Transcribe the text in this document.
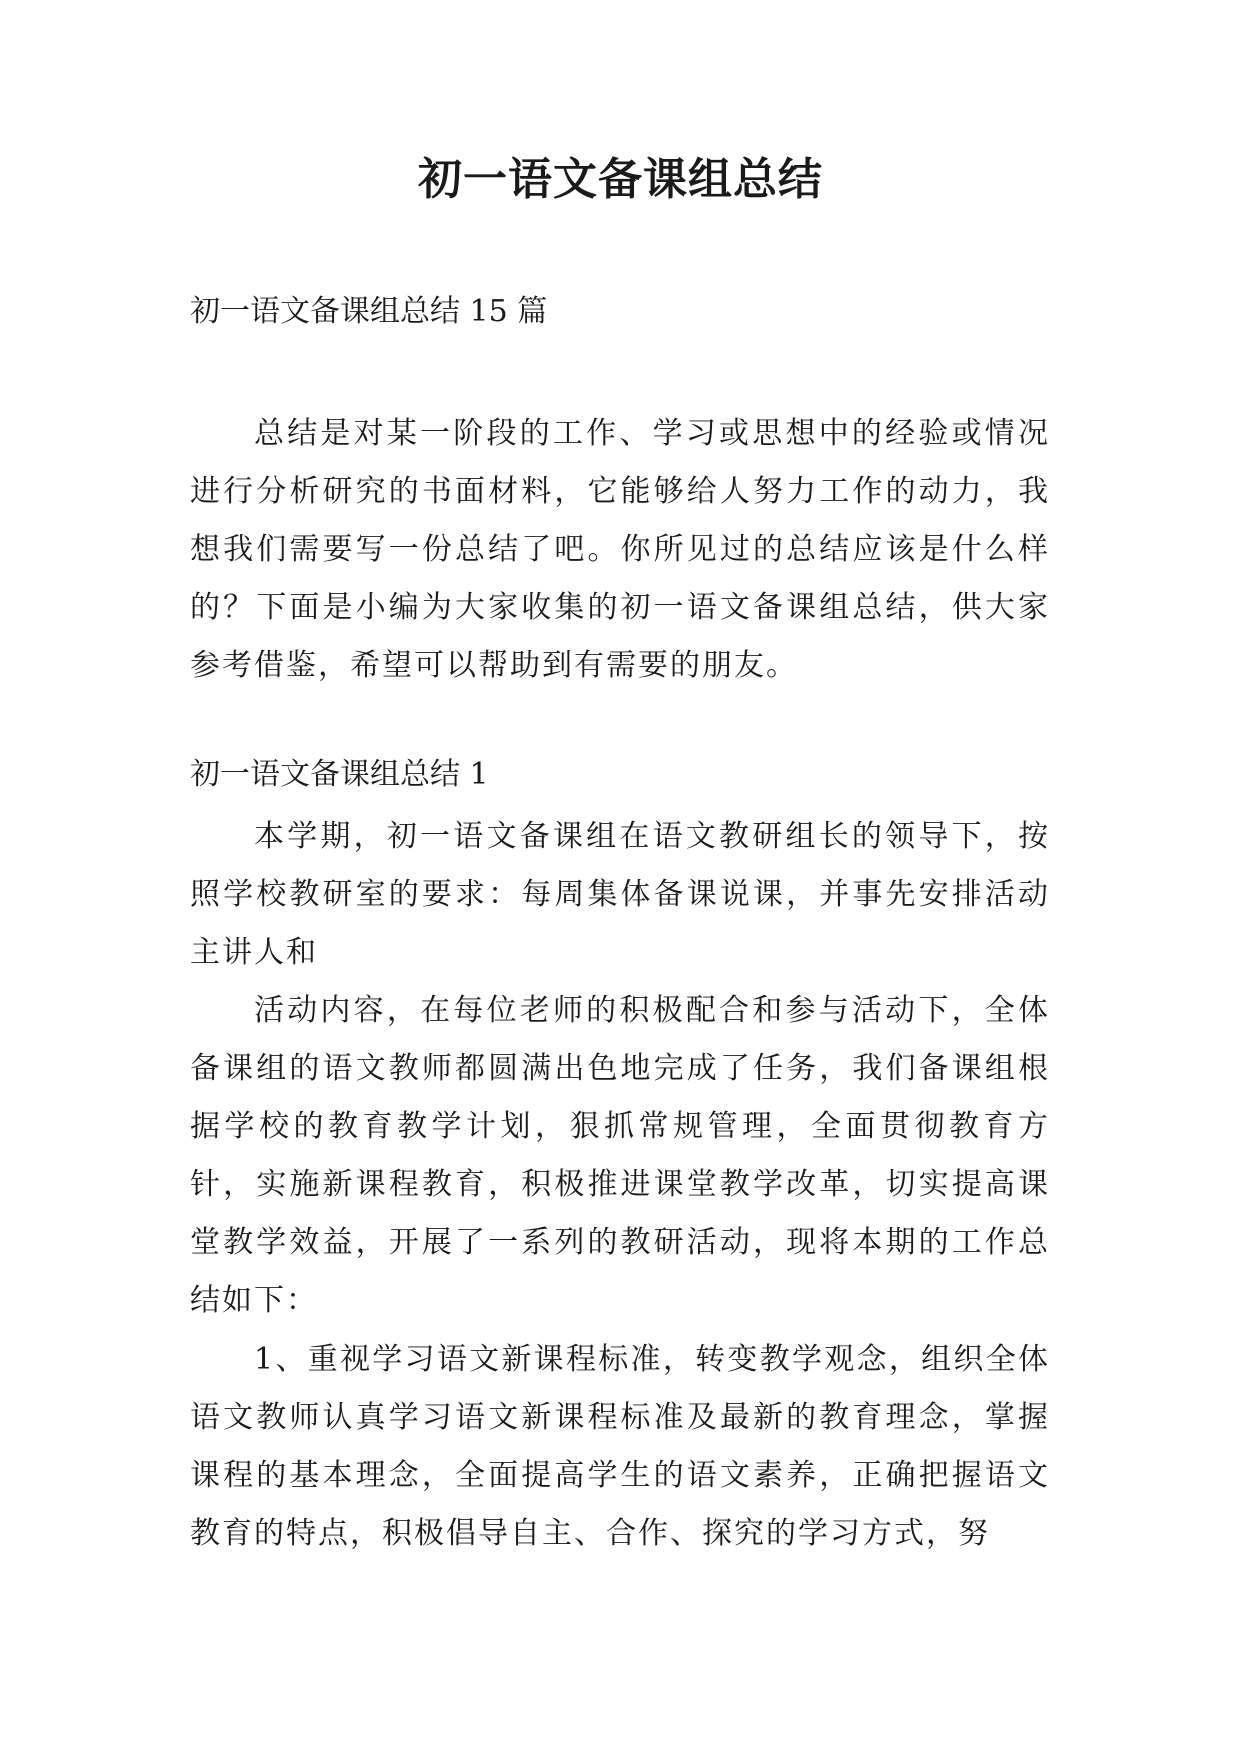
初一语文备课组总结

初一语文备课组总结 15 篇

总结是对某一阶段的工作、学习或思想中的经验或情况进行分析研究的书面材料，它能够给人努力工作的动力，我想我们需要写一份总结了吧。你所见过的总结应该是什么样的？下面是小编为大家收集的初一语文备课组总结，供大家参考借鉴，希望可以帮助到有需要的朋友。

初一语文备课组总结 1

本学期，初一语文备课组在语文教研组长的领导下，按照学校教研室的要求：每周集体备课说课，并事先安排活动主讲人和

活动内容，在每位老师的积极配合和参与活动下，全体备课组的语文教师都圆满出色地完成了任务，我们备课组根据学校的教育教学计划，狠抓常规管理，全面贯彻教育方针，实施新课程教育，积极推进课堂教学改革，切实提高课堂教学效益，开展了一系列的教研活动，现将本期的工作总结如下：

1、重视学习语文新课程标准，转变教学观念，组织全体语文教师认真学习语文新课程标准及最新的教育理念，掌握课程的基本理念，全面提高学生的语文素养，正确把握语文教育的特点，积极倡导自主、合作、探究的学习方式，努
